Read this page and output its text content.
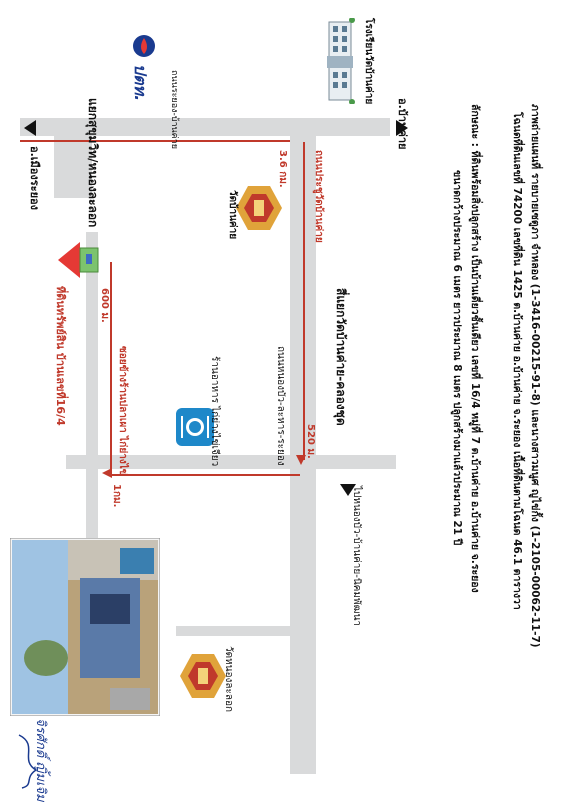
ภาพถ่ายแผนที่ รายบายเซตูภา จำหลอง (1-3416-00215-91-8) และนางสาวมนูศ ญูไข่กั้ง (1-2105-00062-11-7)
โฉนดที่ดินเลขที่ 74200 เลขที่ดิน 1425 ต.บ้านค่าย อ.บ้านค่าย จ.ระยอง เนื้อที่ดินตามโฉนด 46.1 ตารางวา
ลักษณะ : ที่ดินพร้อมสิ่งปลูกสร้าง เป็นบ้านเดี่ยวชั้นเดียว เลขที่ 16/4 หมู่ที่ 7 ต.บ้านค่าย อ.บ้านค่าย จ.ระยอง
ขนาดกว้างประมาณ 6 เมตร ยาวประมาณ 8 เมตร ปลูกสร้างมาแล้วประมาณ 21 ปี
โรงเรียนวัดบ้านค่าย
ปตท. ถนนระยอง-บ้านค่าย	อ.บ้านค่าย
อ.เมืองระยอง	แยกสุขุมวิท/หนองละลอก	3.6 กม.
520 ม.
600 ม.
1กม.
ถนนประชูวัดบ้านค่าย
วัดบ้านค่าย
สี่แยกวัดบ้านค่าย-คลองชุด
ถนนหนองบัว-ละหาร-ระยอง
ไปหนองบัว-บ้านค่าย-นิคมพัฒนา
ร้านอาหาร ไก่ย่างไข่เจียว
ซอยข้างร้านปลาเผา ไก่ย่างไข่
ที่ดินทรัพย์สิน บ้านเลขที่16/4
วัดหนองละลอก
จิรศักดิ์ ญิ้มเจิม
